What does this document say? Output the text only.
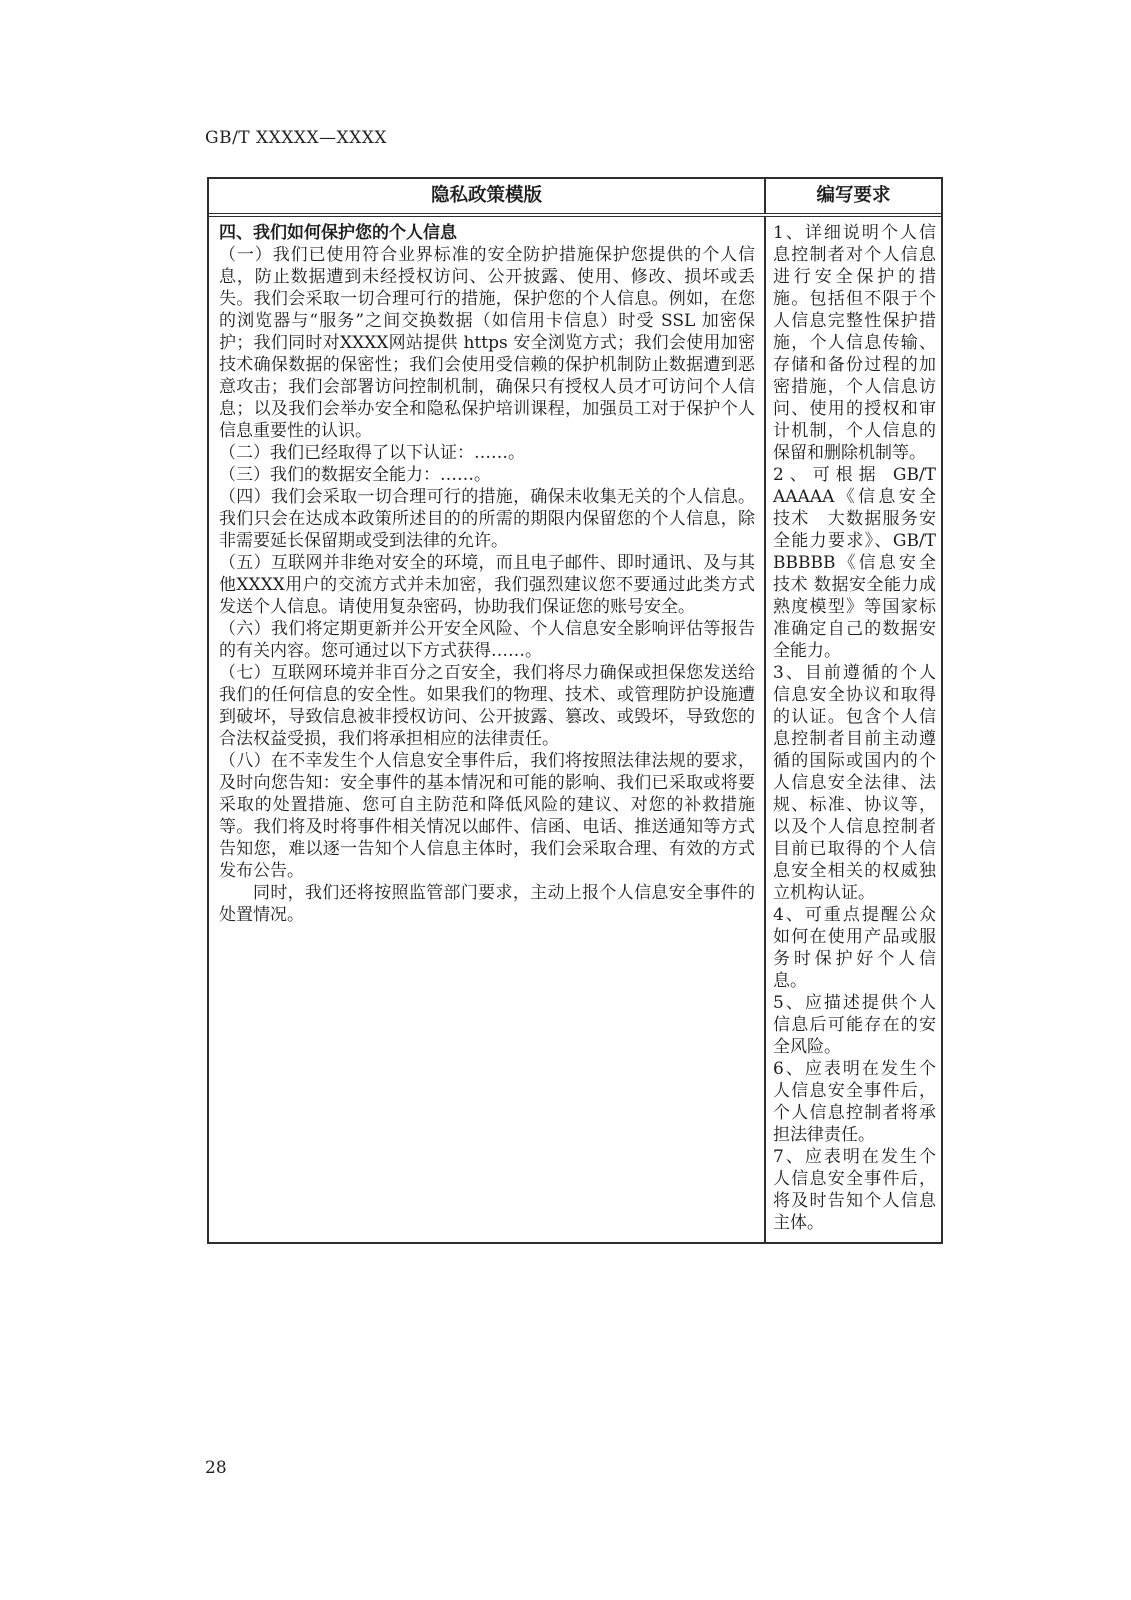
GB/T XXXXX—XXXX
隐私政策模版	编写要求
四、我们如何保护您的个人信息

（一）我们已使用符合业界标准的安全防护措施保护您提供的个人信息，防止数据遭到未经授权访问、公开披露、使用、修改、损坏或丢失。我们会采取一切合理可行的措施，保护您的个人信息。例如，在您的浏览器与“服务”之间交换数据（如信用卡信息）时受 SSL 加密保护；我们同时对XXXX网站提供 https 安全浏览方式；我们会使用加密技术确保数据的保密性；我们会使用受信赖的保护机制防止数据遭到恶意攻击；我们会部署访问控制机制，确保只有授权人员才可访问个人信息；以及我们会举办安全和隐私保护培训课程，加强员工对于保护个人信息重要性的认识。

（二）我们已经取得了以下认证：……。

（三）我们的数据安全能力：……。

（四）我们会采取一切合理可行的措施，确保未收集无关的个人信息。我们只会在达成本政策所述目的的所需的期限内保留您的个人信息，除非需要延长保留期或受到法律的允许。

（五）互联网并非绝对安全的环境，而且电子邮件、即时通讯、及与其他XXXX用户的交流方式并未加密，我们强烈建议您不要通过此类方式发送个人信息。请使用复杂密码，协助我们保证您的账号安全。

（六）我们将定期更新并公开安全风险、个人信息安全影响评估等报告的有关内容。您可通过以下方式获得……。

（七）互联网环境并非百分之百安全，我们将尽力确保或担保您发送给我们的任何信息的安全性。如果我们的物理、技术、或管理防护设施遭到破坏，导致信息被非授权访问、公开披露、篡改、或毁坏，导致您的合法权益受损，我们将承担相应的法律责任。

（八）在不幸发生个人信息安全事件后，我们将按照法律法规的要求，及时向您告知：安全事件的基本情况和可能的影响、我们已采取或将要采取的处置措施、您可自主防范和降低风险的建议、对您的补救措施等。我们将及时将事件相关情况以邮件、信函、电话、推送通知等方式告知您，难以逐一告知个人信息主体时，我们会采取合理、有效的方式发布公告。

同时，我们还将按照监管部门要求，主动上报个人信息安全事件的处置情况。

1、详细说明个人信息控制者对个人信息进行安全保护的措施。包括但不限于个人信息完整性保护措施，个人信息传输、存储和备份过程的加密措施，个人信息访问、使用的授权和审计机制，个人信息的保留和删除机制等。

2、可根据 GB/T AAAAA《信息安全技术　大数据服务安全能力要求》、GB/T BBBBB《信息安全技术 数据安全能力成熟度模型》等国家标准确定自己的数据安全能力。

3、目前遵循的个人信息安全协议和取得的认证。包含个人信息控制者目前主动遵循的国际或国内的个人信息安全法律、法规、标准、协议等，以及个人信息控制者目前已取得的个人信息安全相关的权威独立机构认证。

4、可重点提醒公众如何在使用产品或服务时保护好个人信息。

5、应描述提供个人信息后可能存在的安全风险。

6、应表明在发生个人信息安全事件后，个人信息控制者将承担法律责任。

7、应表明在发生个人信息安全事件后，将及时告知个人信息主体。

28
